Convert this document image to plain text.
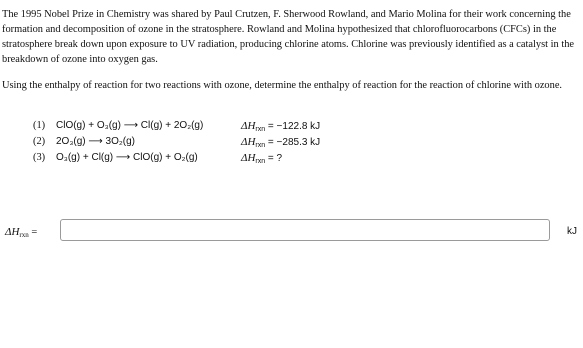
The 1995 Nobel Prize in Chemistry was shared by Paul Crutzen, F. Sherwood Rowland, and Mario Molina for their work concerning the formation and decomposition of ozone in the stratosphere. Rowland and Molina hypothesized that chlorofluorocarbons (CFCs) in the stratosphere break down upon exposure to UV radiation, producing chlorine atoms. Chlorine was previously identified as a catalyst in the breakdown of ozone into oxygen gas.
Using the enthalpy of reaction for two reactions with ozone, determine the enthalpy of reaction for the reaction of chlorine with ozone.
(1) ClO(g) + O₃(g) ⟶ Cl(g) + 2O₂(g)	$\Delta H_{rxn} = -122.8$ kJ
(2) 2O₃(g) ⟶ 3O₂(g)	$\Delta H_{rxn} = -285.3$ kJ
(3) O₃(g) + Cl(g) ⟶ ClO(g) + O₂(g)	$\Delta H_{rxn}$ = ?
ΔHrxn =	kJ
